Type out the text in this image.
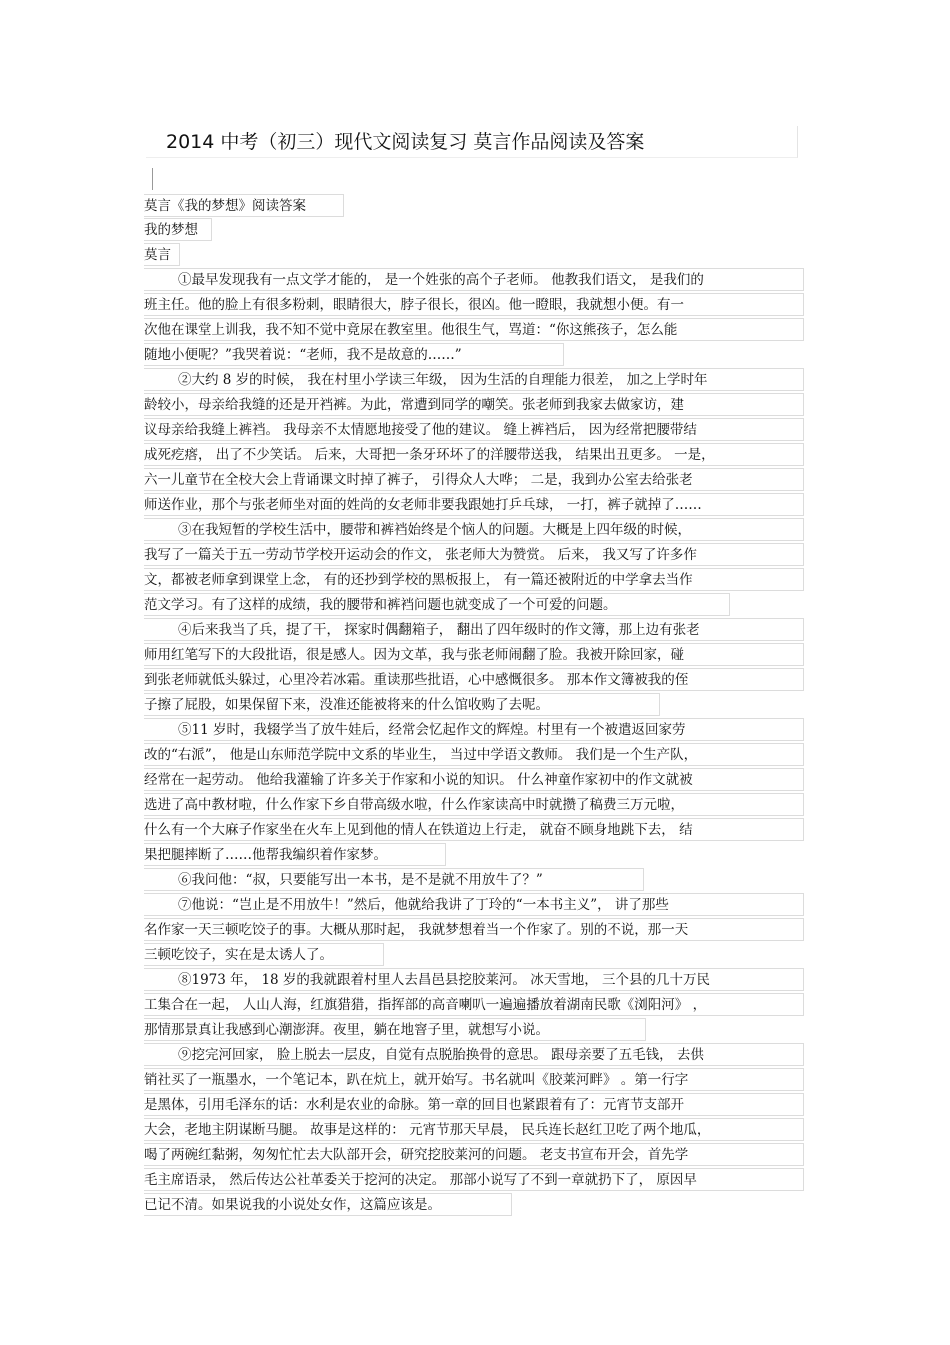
2014 中考（初三）现代文阅读复习 莫言作品阅读及答案
莫言《我的梦想》阅读答案
我的梦想
莫言
①最早发现我有一点文学才能的， 是一个姓张的高个子老师。 他教我们语文， 是我们的
班主任。他的脸上有很多粉刺，眼睛很大，脖子很长，很凶。他一瞪眼，我就想小便。有一
次他在课堂上训我，我不知不觉中竟尿在教室里。他很生气，骂道：“你这熊孩子，怎么能
随地小便呢？”我哭着说：“老师，我不是故意的……”
②大约 8 岁的时候， 我在村里小学读三年级， 因为生活的自理能力很差， 加之上学时年
龄较小，母亲给我缝的还是开裆裤。为此，常遭到同学的嘲笑。张老师到我家去做家访，建
议母亲给我缝上裤裆。 我母亲不太情愿地接受了他的建议。 缝上裤裆后， 因为经常把腰带结
成死疙瘩， 出了不少笑话。 后来，大哥把一条牙环坏了的洋腰带送我， 结果出丑更多。 一是，
六一儿童节在全校大会上背诵课文时掉了裤子， 引得众人大哗； 二是，我到办公室去给张老
师送作业，那个与张老师坐对面的姓尚的女老师非要我跟她打乒乓球， 一打，裤子就掉了……
③在我短暂的学校生活中，腰带和裤裆始终是个恼人的问题。大概是上四年级的时候，
我写了一篇关于五一劳动节学校开运动会的作文， 张老师大为赞赏。 后来， 我又写了许多作
文，都被老师拿到课堂上念， 有的还抄到学校的黑板报上， 有一篇还被附近的中学拿去当作
范文学习。有了这样的成绩，我的腰带和裤裆问题也就变成了一个可爱的问题。
④后来我当了兵，提了干， 探家时偶翻箱子， 翻出了四年级时的作文簿，那上边有张老
师用红笔写下的大段批语，很是感人。因为文革，我与张老师闹翻了脸。我被开除回家，碰
到张老师就低头躲过，心里冷若冰霜。重读那些批语，心中感慨很多。 那本作文簿被我的侄
子擦了屁股，如果保留下来，没准还能被将来的什么馆收购了去呢。
⑤11 岁时，我辍学当了放牛娃后，经常会忆起作文的辉煌。村里有一个被遣返回家劳
改的“右派”， 他是山东师范学院中文系的毕业生， 当过中学语文教师。 我们是一个生产队，
经常在一起劳动。 他给我灌输了许多关于作家和小说的知识。 什么神童作家初中的作文就被
选进了高中教材啦，什么作家下乡自带高级水啦，什么作家读高中时就攒了稿费三万元啦，
什么有一个大麻子作家坐在火车上见到他的情人在铁道边上行走， 就奋不顾身地跳下去， 结
果把腿摔断了……他帮我编织着作家梦。
⑥我问他：“叔，只要能写出一本书，是不是就不用放牛了？”
⑦他说：“岂止是不用放牛！”然后，他就给我讲了丁玲的“一本书主义”， 讲了那些
名作家一天三顿吃饺子的事。大概从那时起， 我就梦想着当一个作家了。别的不说，那一天
三顿吃饺子，实在是太诱人了。
⑧1973 年， 18 岁的我就跟着村里人去昌邑县挖胶莱河。 冰天雪地， 三个县的几十万民
工集合在一起， 人山人海，红旗猎猎，指挥部的高音喇叭一遍遍播放着湖南民歌《浏阳河》 ，
那情那景真让我感到心潮澎湃。夜里，躺在地窨子里，就想写小说。
⑨挖完河回家， 脸上脱去一层皮，自觉有点脱胎换骨的意思。 跟母亲要了五毛钱， 去供
销社买了一瓶墨水，一个笔记本，趴在炕上，就开始写。书名就叫《胶莱河畔》 。第一行字
是黑体，引用毛泽东的话：水利是农业的命脉。第一章的回目也紧跟着有了：元宵节支部开
大会，老地主阴谋断马腿。 故事是这样的： 元宵节那天早晨， 民兵连长赵红卫吃了两个地瓜，
喝了两碗红黏粥，匆匆忙忙去大队部开会，研究挖胶莱河的问题。 老支书宣布开会，首先学
毛主席语录， 然后传达公社革委关于挖河的决定。 那部小说写了不到一章就扔下了， 原因早
已记不清。如果说我的小说处女作，这篇应该是。
